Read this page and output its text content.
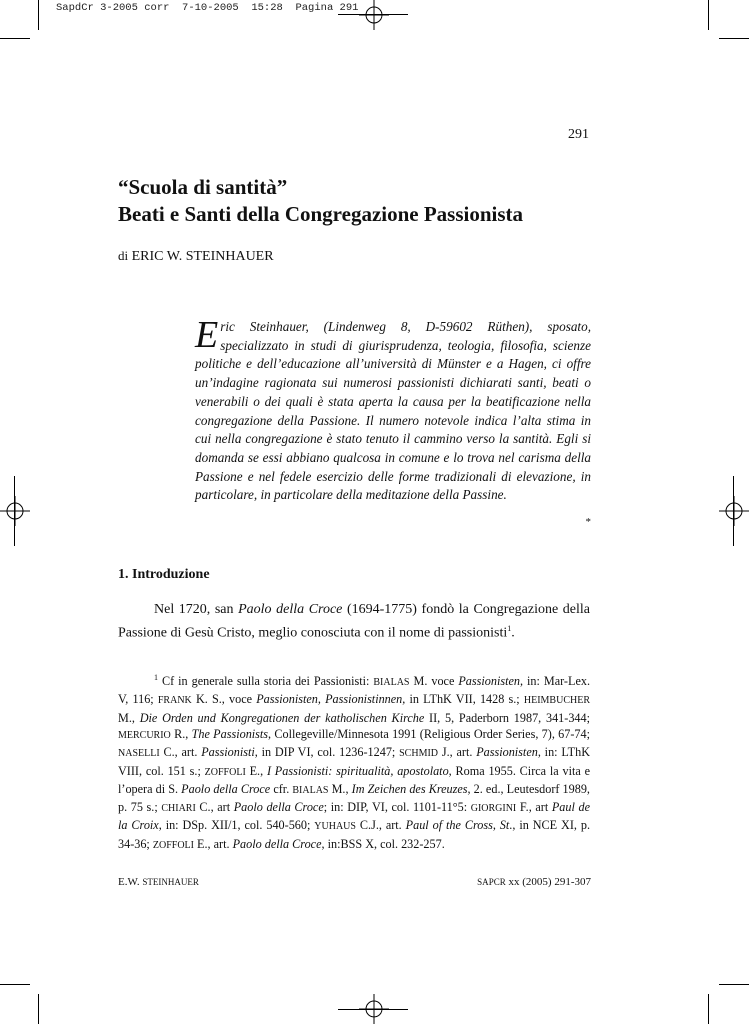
SapdCr 3-2005 corr  7-10-2005  15:28  Pagina 291
291
“Scuola di santità”
Beati e Santi della Congregazione Passionista
di ERIC W. STEINHAUER
Eric Steinhauer, (Lindenweg 8, D-59602 Rüthen), sposato, specializzato in studi di giurisprudenza, teologia, filosofia, scienze politiche e dell’educazione all’università di Münster e a Hagen, ci offre un’indagine ragionata sui numerosi passionisti dichiarati santi, beati o venerabili o dei quali è stata aperta la causa per la beatificazione nella congregazione della Passione. Il numero notevole indica l’alta stima in cui nella congregazione è stato tenuto il cammino verso la santità. Egli si domanda se essi abbiano qualcosa in comune e lo trova nel carisma della Passione e nel fedele esercizio delle forme tradizionali di elevazione, in particolare, in particolare della meditazione della Passine.
*
1. Introduzione
Nel 1720, san Paolo della Croce (1694-1775) fondò la Congregazione della Passione di Gesù Cristo, meglio conosciuta con il nome di passionisti$^1$.
$^1$ Cf in generale sulla storia dei Passionisti: BIALAS M. voce Passionisten, in: Mar-Lex. V, 116; FRANK K. S., voce Passionisten, Passionistinnen, in LThK VII, 1428 s.; HEIMBUCHER M., Die Orden und Kongregationen der katholischen Kirche II, 5, Paderborn 1987, 341-344; MERCURIO R., The Passionists, Collegeville/Minnesota 1991 (Religious Order Series, 7), 67-74; NASELLI C., art. Passionisti, in DIP VI, col. 1236-1247; SCHMID J., art. Passionisten, in: LThK VIII, col. 151 s.; ZOFFOLI E., I Passionisti: spiritualità, apostolato, Roma 1955. Circa la vita e l’opera di S. Paolo della Croce cfr. BIALAS M., Im Zeichen des Kreuzes, 2. ed., Leutesdorf 1989, p. 75 s.; CHIARI C., art Paolo della Croce; in: DIP, VI, col. 1101-11°5: GIORGINI F., art Paul de la Croix, in: DSp. XII/1, col. 540-560; YUHAUS C.J., art. Paul of the Cross, St., in NCE XI, p. 34-36; ZOFFOLI E., art. Paolo della Croce, in:BSS X, col. 232-257.
E.W. STEINHAUER	SAPCR xx (2005) 291-307
